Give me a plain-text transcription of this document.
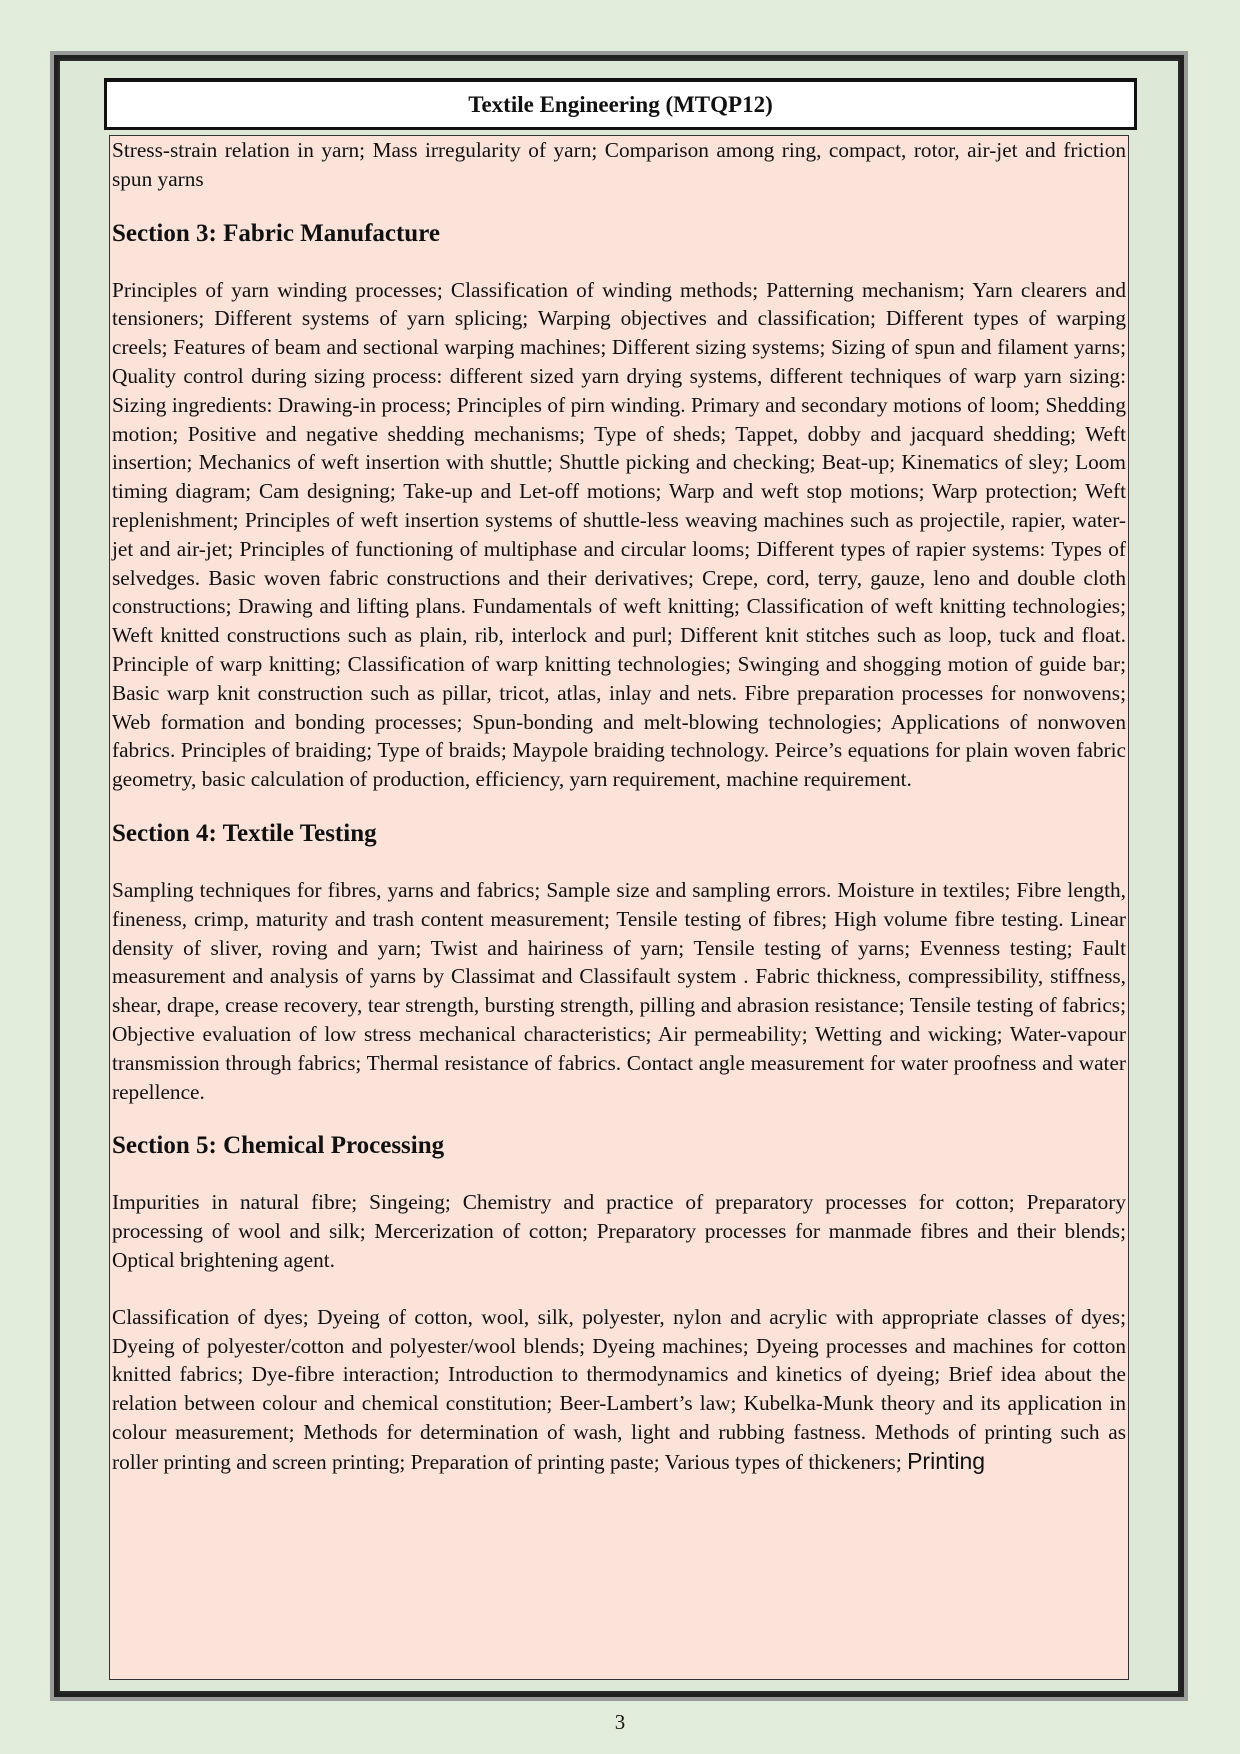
Textile Engineering (MTQP12)

Stress-strain relation in yarn; Mass irregularity of yarn; Comparison among ring, compact, rotor, air-jet and friction spun yarns

Section 3: Fabric Manufacture

Principles of yarn winding processes; Classification of winding methods; Patterning mechanism; Yarn clearers and tensioners; Different systems of yarn splicing; Warping objectives and classification; Different types of warping creels; Features of beam and sectional warping machines; Different sizing systems; Sizing of spun and filament yarns; Quality control during sizing process: different sized yarn drying systems, different techniques of warp yarn sizing: Sizing ingredients: Drawing-in process; Principles of pirn winding. Primary and secondary motions of loom; Shedding motion; Positive and negative shedding mechanisms; Type of sheds; Tappet, dobby and jacquard shedding; Weft insertion; Mechanics of weft insertion with shuttle; Shuttle picking and checking; Beat-up; Kinematics of sley; Loom timing diagram; Cam designing; Take-up and Let-off motions; Warp and weft stop motions; Warp protection; Weft replenishment; Principles of weft insertion systems of shuttle-less weaving machines such as projectile, rapier, water-jet and air-jet; Principles of functioning of multiphase and circular looms; Different types of rapier systems: Types of selvedges. Basic woven fabric constructions and their derivatives; Crepe, cord, terry, gauze, leno and double cloth constructions; Drawing and lifting plans. Fundamentals of weft knitting; Classification of weft knitting technologies; Weft knitted constructions such as plain, rib, interlock and purl; Different knit stitches such as loop, tuck and float. Principle of warp knitting; Classification of warp knitting technologies; Swinging and shogging motion of guide bar; Basic warp knit construction such as pillar, tricot, atlas, inlay and nets. Fibre preparation processes for nonwovens; Web formation and bonding processes; Spun-bonding and melt-blowing technologies; Applications of nonwoven fabrics. Principles of braiding; Type of braids; Maypole braiding technology. Peirce’s equations for plain woven fabric geometry, basic calculation of production, efficiency, yarn requirement, machine requirement.

Section 4: Textile Testing

Sampling techniques for fibres, yarns and fabrics; Sample size and sampling errors. Moisture in textiles; Fibre length, fineness, crimp, maturity and trash content measurement; Tensile testing of fibres; High volume fibre testing. Linear density of sliver, roving and yarn; Twist and hairiness of yarn; Tensile testing of yarns; Evenness testing; Fault measurement and analysis of yarns by Classimat and Classifault system . Fabric thickness, compressibility, stiffness, shear, drape, crease recovery, tear strength, bursting strength, pilling and abrasion resistance; Tensile testing of fabrics; Objective evaluation of low stress mechanical characteristics; Air permeability; Wetting and wicking; Water-vapour transmission through fabrics; Thermal resistance of fabrics. Contact angle measurement for water proofness and water repellence.

Section 5: Chemical Processing

Impurities in natural fibre; Singeing; Chemistry and practice of preparatory processes for cotton; Preparatory processing of wool and silk; Mercerization of cotton; Preparatory processes for manmade fibres and their blends; Optical brightening agent.

Classification of dyes; Dyeing of cotton, wool, silk, polyester, nylon and acrylic with appropriate classes of dyes; Dyeing of polyester/cotton and polyester/wool blends; Dyeing machines; Dyeing processes and machines for cotton knitted fabrics; Dye-fibre interaction; Introduction to thermodynamics and kinetics of dyeing; Brief idea about the relation between colour and chemical constitution; Beer-Lambert’s law; Kubelka-Munk theory and its application in colour measurement; Methods for determination of wash, light and rubbing fastness. Methods of printing such as roller printing and screen printing; Preparation of printing paste; Various types of thickeners; Printing

3
